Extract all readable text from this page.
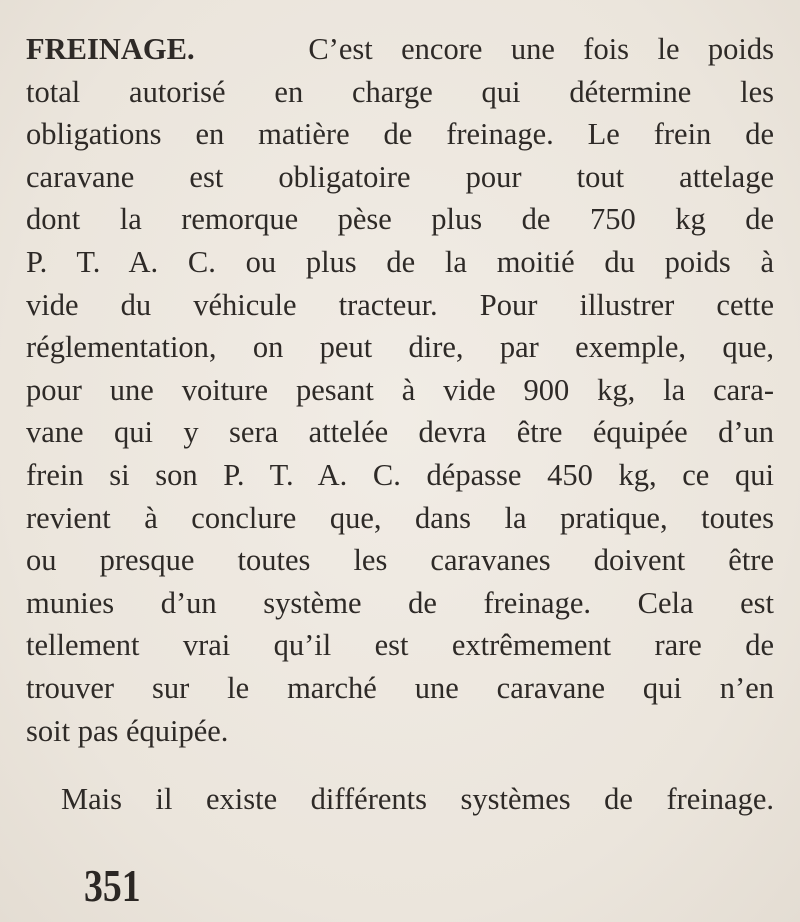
FREINAGE.	C’est encore une fois le poids
total autorisé en charge qui détermine les
obligations en matière de freinage. Le frein de
caravane est obligatoire pour tout attelage
dont la remorque pèse plus de 750 kg de
P. T. A. C. ou plus de la moitié du poids à
vide du véhicule tracteur. Pour illustrer cette
réglementation, on peut dire, par exemple, que,
pour une voiture pesant à vide 900 kg, la cara-
vane qui y sera attelée devra être équipée d’un
frein si son P. T. A. C. dépasse 450 kg, ce qui
revient à conclure que, dans la pratique, toutes
ou presque toutes les caravanes doivent être
munies d’un système de freinage. Cela est
tellement vrai qu’il est extrêmement rare de
trouver sur le marché une caravane qui n’en
soit pas équipée.
Mais il existe différents systèmes de freinage.
351
